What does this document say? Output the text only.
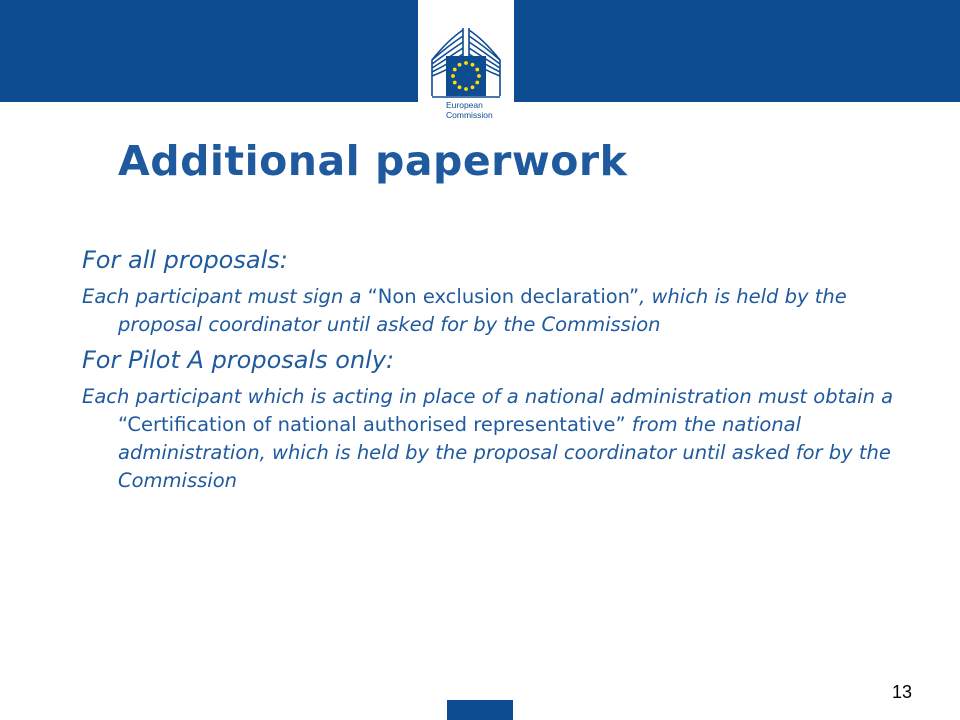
European
Commission
Additional paperwork

For all proposals:

Each participant must sign a “Non exclusion declaration”, which is held by the proposal coordinator until asked for by the Commission

For Pilot A proposals only:

Each participant which is acting in place of a national administration must obtain a “Certification of national authorised representative” from the national administration, which is held by the proposal coordinator until asked for by the Commission

13
